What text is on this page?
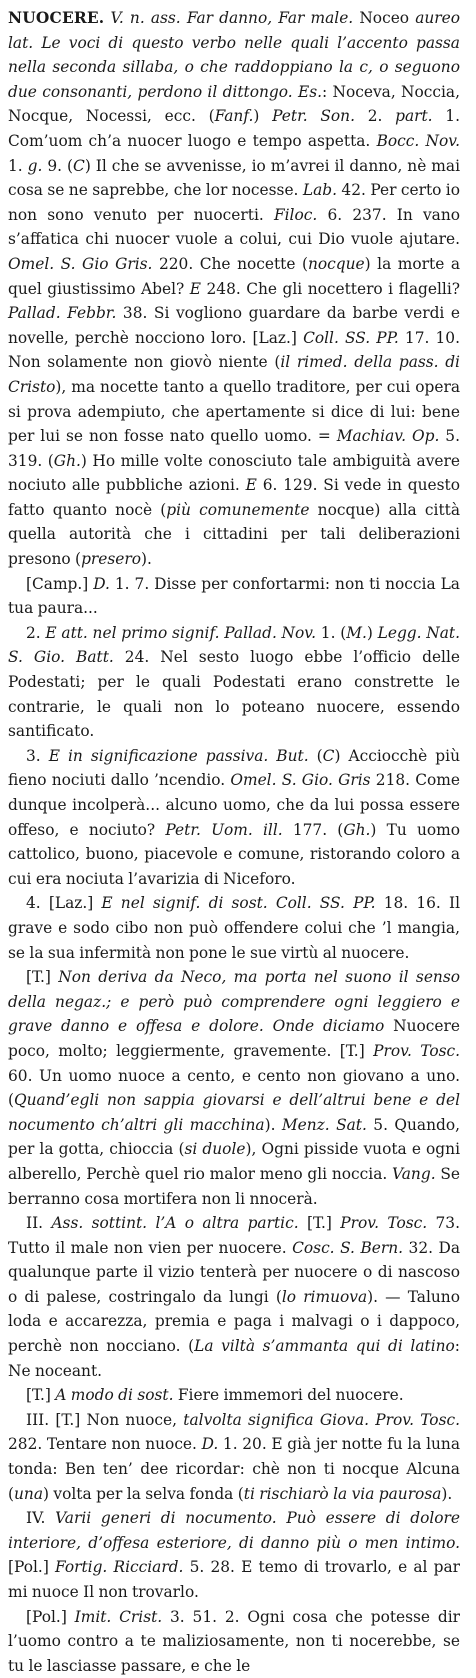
NUOCERE. V. n. ass. Far danno, Far male. Noceo aureo lat. Le voci di questo verbo nelle quali l’accento passa nella seconda sillaba, o che raddoppiano la c, o seguono due consonanti, perdono il dittongo. Es.: Noceva, Noccia, Nocque, Nocessi, ecc. (Fanf.) Petr. Son. 2. part. 1. Com’uom ch’a nuocer luogo e tempo aspetta. Bocc. Nov. 1. g. 9. (C) Il che se avvenisse, io m’avrei il danno, nè mai cosa se ne saprebbe, che lor nocesse. Lab. 42. Per certo io non sono venuto per nuocerti. Filoc. 6. 237. In vano s’affatica chi nuocer vuole a colui, cui Dio vuole ajutare. Omel. S. Gio Gris. 220. Che nocette (nocque) la morte a quel giustissimo Abel? E 248. Che gli nocettero i flagelli? Pallad. Febbr. 38. Si vogliono guardare da barbe verdi e novelle, perchè nocciono loro. [Laz.] Coll. SS. PP. 17. 10. Non solamente non giovò niente (il rimed. della pass. di Cristo), ma nocette tanto a quello traditore, per cui opera si prova adempiuto, che apertamente si dice di lui: bene per lui se non fosse nato quello uomo. = Machiav. Op. 5. 319. (Gh.) Ho mille volte conosciuto tale ambiguità avere nociuto alle pubbliche azioni. E 6. 129. Si vede in questo fatto quanto nocè (più comunemente nocque) alla città quella autorità che i cittadini per tali deliberazioni presono (presero).

[Camp.] D. 1. 7. Disse per confortarmi: non ti noccia La tua paura...

2. E att. nel primo signif. Pallad. Nov. 1. (M.) Legg. Nat. S. Gio. Batt. 24. Nel sesto luogo ebbe l’officio delle Podestati; per le quali Podestati erano constrette le contrarie, le quali non lo poteano nuocere, essendo santificato.

3. E in significazione passiva. But. (C) Acciocchè più fieno nociuti dallo ’ncendio. Omel. S. Gio. Gris 218. Come dunque incolperà... alcuno uomo, che da lui possa essere offeso, e nociuto? Petr. Uom. ill. 177. (Gh.) Tu uomo cattolico, buono, piacevole e comune, ristorando coloro a cui era nociuta l’avarizia di Niceforo.

4. [Laz.] E nel signif. di sost. Coll. SS. PP. 18. 16. Il grave e sodo cibo non può offendere colui che ’l mangia, se la sua infermità non pone le sue virtù al nuocere.

[T.] Non deriva da Neco, ma porta nel suono il senso della negaz.; e però può comprendere ogni leggiero e grave danno e offesa e dolore. Onde diciamo Nuocere poco, molto; leggiermente, gravemente. [T.] Prov. Tosc. 60. Un uomo nuoce a cento, e cento non giovano a uno. (Quand’egli non sappia giovarsi e dell’altrui bene e del nocumento ch’altri gli macchina). Menz. Sat. 5. Quando, per la gotta, chioccia (si duole), Ogni pisside vuota e ogni alberello, Perchè quel rio malor meno gli noccia. Vang. Se berranno cosa mortifera non li nnocerà.

II. Ass. sottint. l’A o altra partic. [T.] Prov. Tosc. 73. Tutto il male non vien per nuocere. Cosc. S. Bern. 32. Da qualunque parte il vizio tenterà per nuocere o di nascoso o di palese, costringalo da lungi (lo rimuova). — Taluno loda e accarezza, premia e paga i malvagi o i dappoco, perchè non nocciano. (La viltà s’ammanta qui di latino: Ne noceant.

[T.] A modo di sost. Fiere immemori del nuocere.

III. [T.] Non nuoce, talvolta significa Giova. Prov. Tosc. 282. Tentare non nuoce. D. 1. 20. E già jer notte fu la luna tonda: Ben ten’ dee ricordar: chè non ti nocque Alcuna (una) volta per la selva fonda (ti rischiarò la via paurosa).

IV. Varii generi di nocumento. Può essere di dolore interiore, d’offesa esteriore, di danno più o men intimo. [Pol.] Fortig. Ricciard. 5. 28. E temo di trovarlo, e al par mi nuoce Il non trovarlo.

[Pol.] Imit. Crist. 3. 51. 2. Ogni cosa che potesse dir l’uomo contro a te maliziosamente, non ti nocerebbe, se tu le lasciasse passare, e che le
